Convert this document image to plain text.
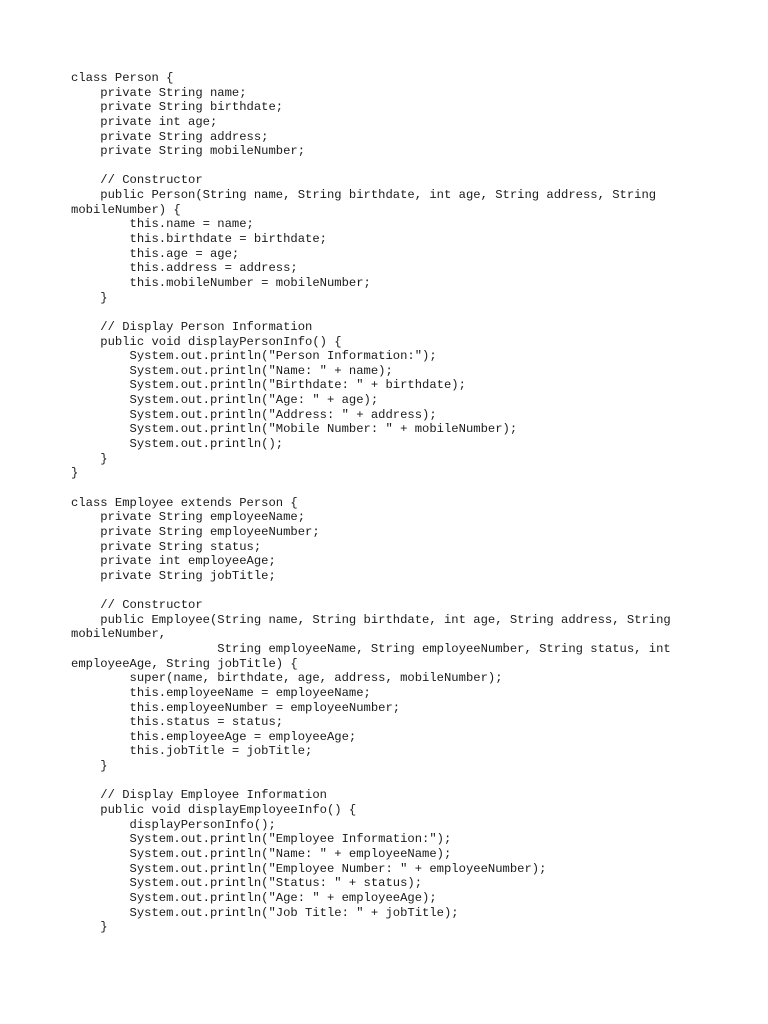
class Person {
private String name;
private String birthdate;
private int age;
private String address;
private String mobileNumber;
// Constructor
public Person(String name, String birthdate, int age, String address, String
mobileNumber) {
this.name = name;
this.birthdate = birthdate;
this.age = age;
this.address = address;
this.mobileNumber = mobileNumber;
}
// Display Person Information
public void displayPersonInfo() {
System.out.println("Person Information:");
System.out.println("Name: " + name);
System.out.println("Birthdate: " + birthdate);
System.out.println("Age: " + age);
System.out.println("Address: " + address);
System.out.println("Mobile Number: " + mobileNumber);
System.out.println();
}
}
class Employee extends Person {
private String employeeName;
private String employeeNumber;
private String status;
private int employeeAge;
private String jobTitle;
// Constructor
public Employee(String name, String birthdate, int age, String address, String
mobileNumber,
String employeeName, String employeeNumber, String status, int
employeeAge, String jobTitle) {
super(name, birthdate, age, address, mobileNumber);
this.employeeName = employeeName;
this.employeeNumber = employeeNumber;
this.status = status;
this.employeeAge = employeeAge;
this.jobTitle = jobTitle;
}
// Display Employee Information
public void displayEmployeeInfo() {
displayPersonInfo();
System.out.println("Employee Information:");
System.out.println("Name: " + employeeName);
System.out.println("Employee Number: " + employeeNumber);
System.out.println("Status: " + status);
System.out.println("Age: " + employeeAge);
System.out.println("Job Title: " + jobTitle);
}
